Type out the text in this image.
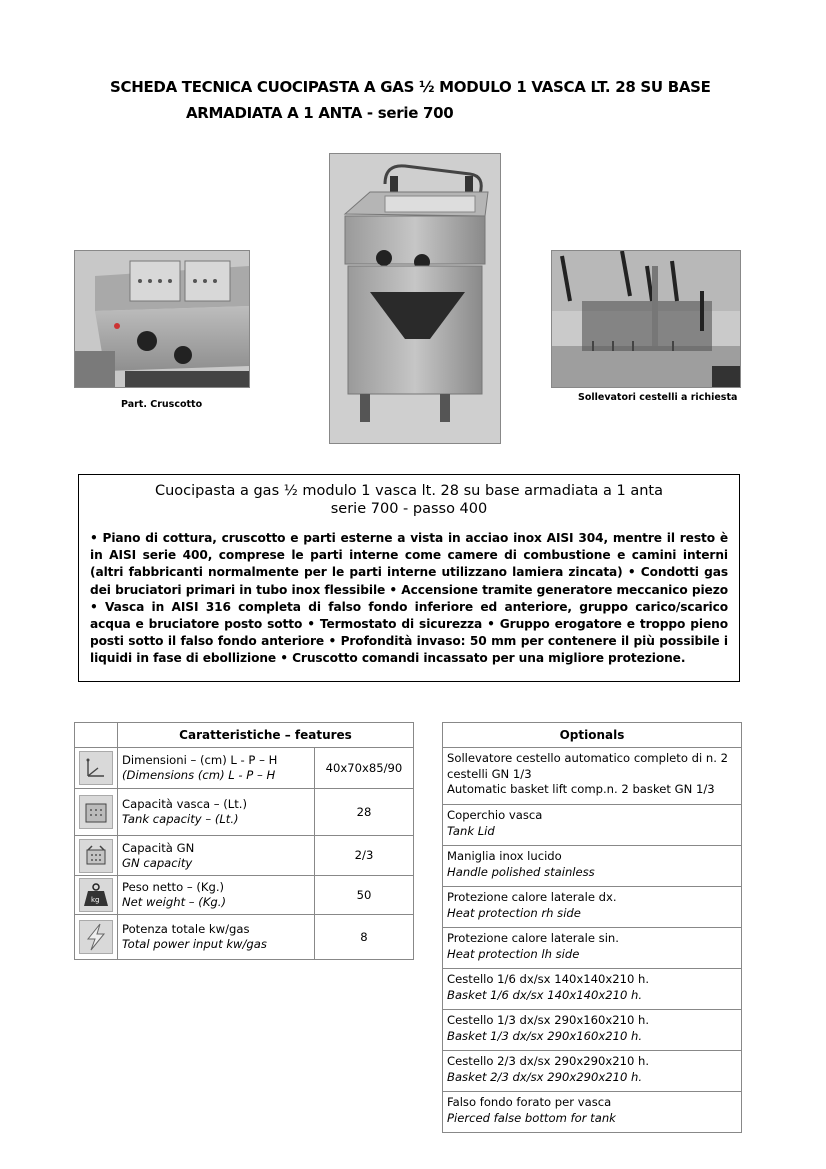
SCHEDA TECNICA CUOCIPASTA A GAS ½ MODULO 1 VASCA LT. 28 SU BASE
ARMADIATA A 1 ANTA - serie 700
Part. Cruscotto
Sollevatori cestelli a richiesta
Cuocipasta a gas ½ modulo 1 vasca lt. 28 su base armadiata a 1 anta
serie 700 - passo 400
• Piano di cottura, cruscotto e parti esterne a vista in acciao inox AISI 304, mentre il resto è in AISI serie 400, comprese le parti interne come camere di combustione e camini interni (altri fabbricanti normalmente per le parti interne utilizzano lamiera zincata) • Condotti gas dei bruciatori primari in tubo inox flessibile • Accensione tramite generatore meccanico piezo • Vasca in AISI 316 completa di falso fondo inferiore ed anteriore, gruppo carico/scarico acqua e bruciatore posto sotto • Termostato di sicurezza • Gruppo erogatore e troppo pieno posti sotto il falso fondo anteriore • Profondità invaso: 50 mm per contenere il più possibile i liquidi in fase di ebollizione • Cruscotto comandi incassato per una migliore protezione.
	Caratteristiche – features	

Dimensioni – (cm) L - P – H
(Dimensions (cm) L - P – H	40x70x85/90

Capacità vasca – (Lt.)
Tank capacity – (Lt.)	28

Capacità GN
GN capacity	2/3

kg	Peso netto – (Kg.)
Net weight – (Kg.)	50

Potenza totale kw/gas
Total power input kw/gas	8
Optionals

Sollevatore cestello automatico completo di n. 2 cestelli GN 1/3
Automatic basket lift comp.n. 2 basket GN 1/3

Coperchio vasca
Tank Lid

Maniglia inox lucido
Handle polished stainless

Protezione calore laterale dx.
Heat protection rh side

Protezione calore laterale sin.
Heat protection lh side

Cestello 1/6 dx/sx 140x140x210 h.
Basket 1/6 dx/sx 140x140x210 h.

Cestello 1/3 dx/sx 290x160x210 h.
Basket 1/3 dx/sx 290x160x210 h.

Cestello 2/3 dx/sx 290x290x210 h.
Basket 2/3 dx/sx 290x290x210 h.

Falso fondo forato per vasca
Pierced false bottom for tank
